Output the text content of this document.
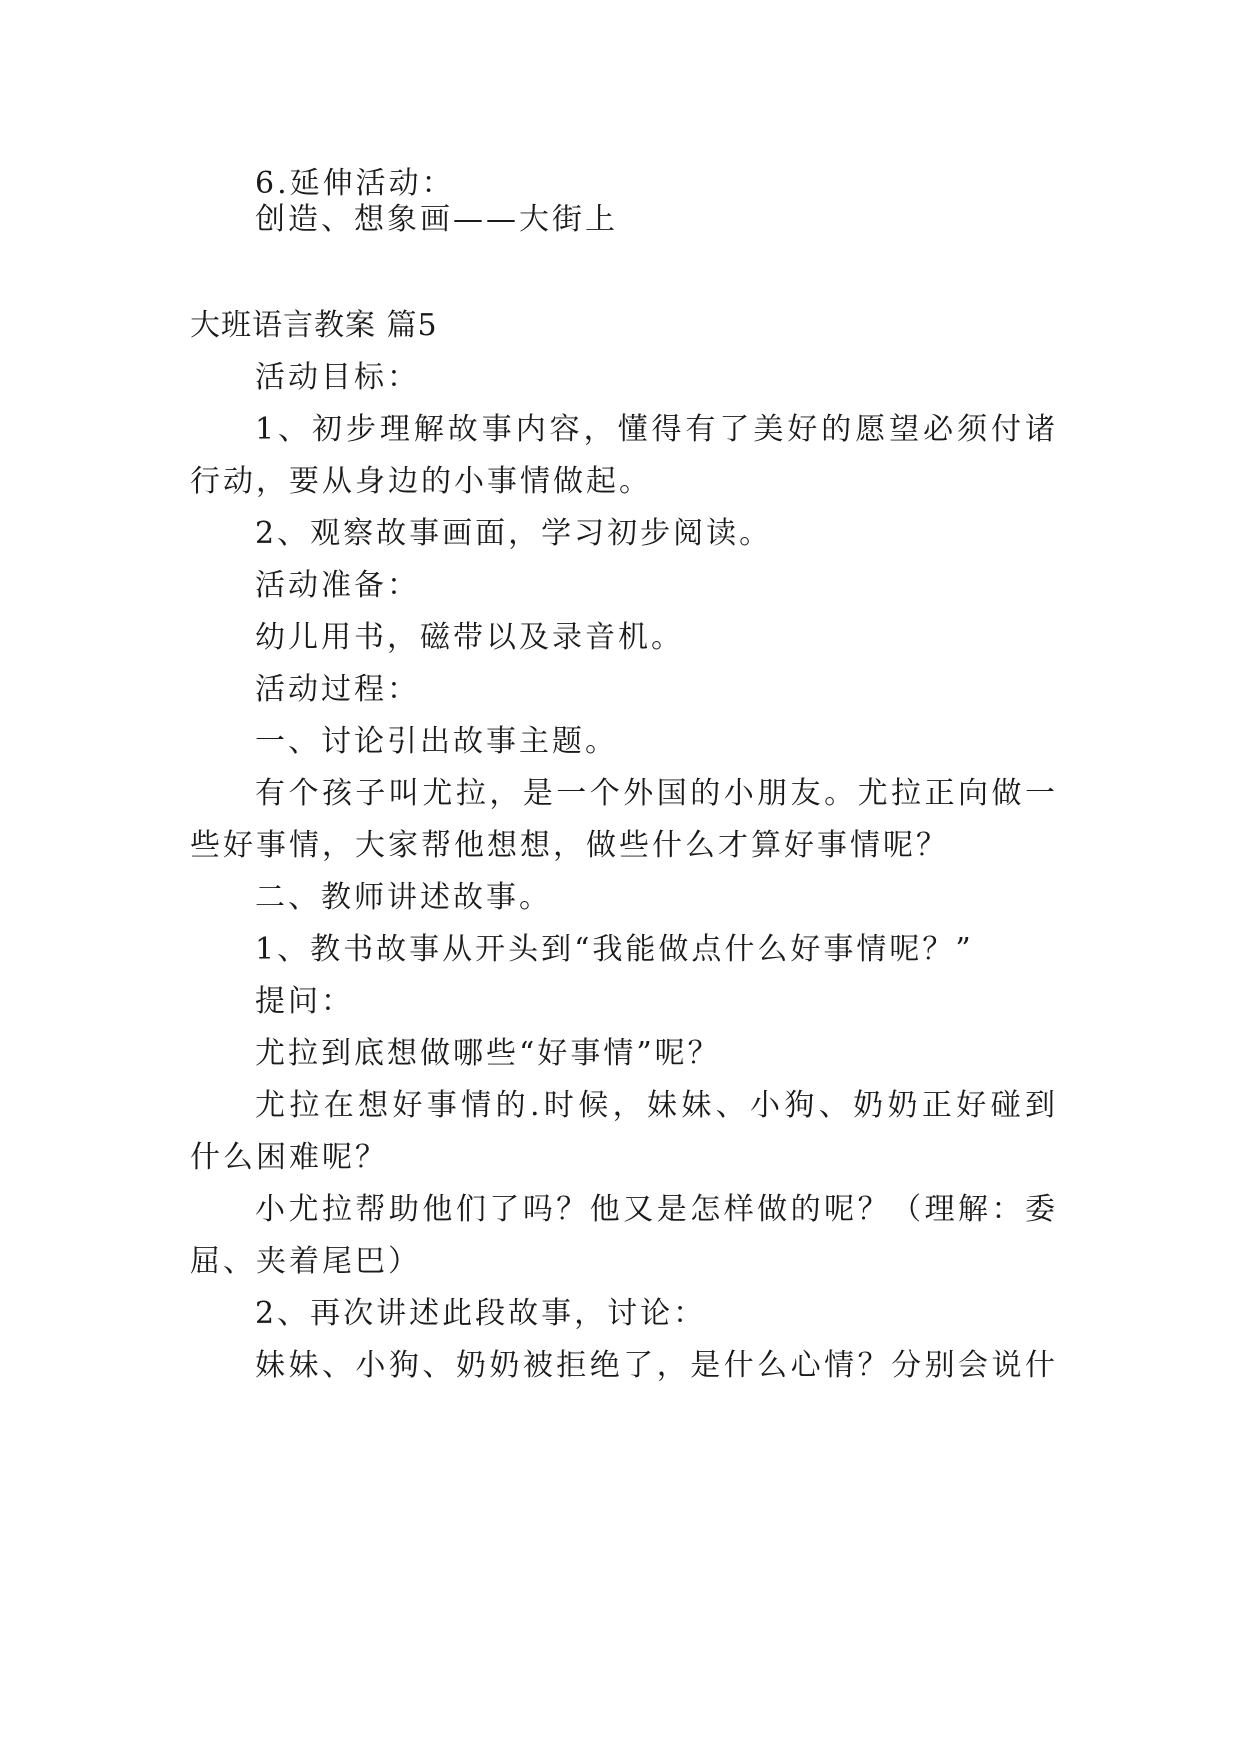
6.延伸活动：
创造、想象画——大街上
大班语言教案 篇5
活动目标：
1、初步理解故事内容，懂得有了美好的愿望必须付诸
行动，要从身边的小事情做起。
2、观察故事画面，学习初步阅读。
活动准备：
幼儿用书，磁带以及录音机。
活动过程：
一、讨论引出故事主题。
有个孩子叫尤拉，是一个外国的小朋友。尤拉正向做一
些好事情，大家帮他想想，做些什么才算好事情呢？
二、教师讲述故事。
1、教书故事从开头到“我能做点什么好事情呢？”
提问：
尤拉到底想做哪些“好事情”呢？
尤拉在想好事情的.时候，妹妹、小狗、奶奶正好碰到
什么困难呢？
小尤拉帮助他们了吗？他又是怎样做的呢？（理解：委
屈、夹着尾巴）
2、再次讲述此段故事，讨论：
妹妹、小狗、奶奶被拒绝了，是什么心情？分别会说什
